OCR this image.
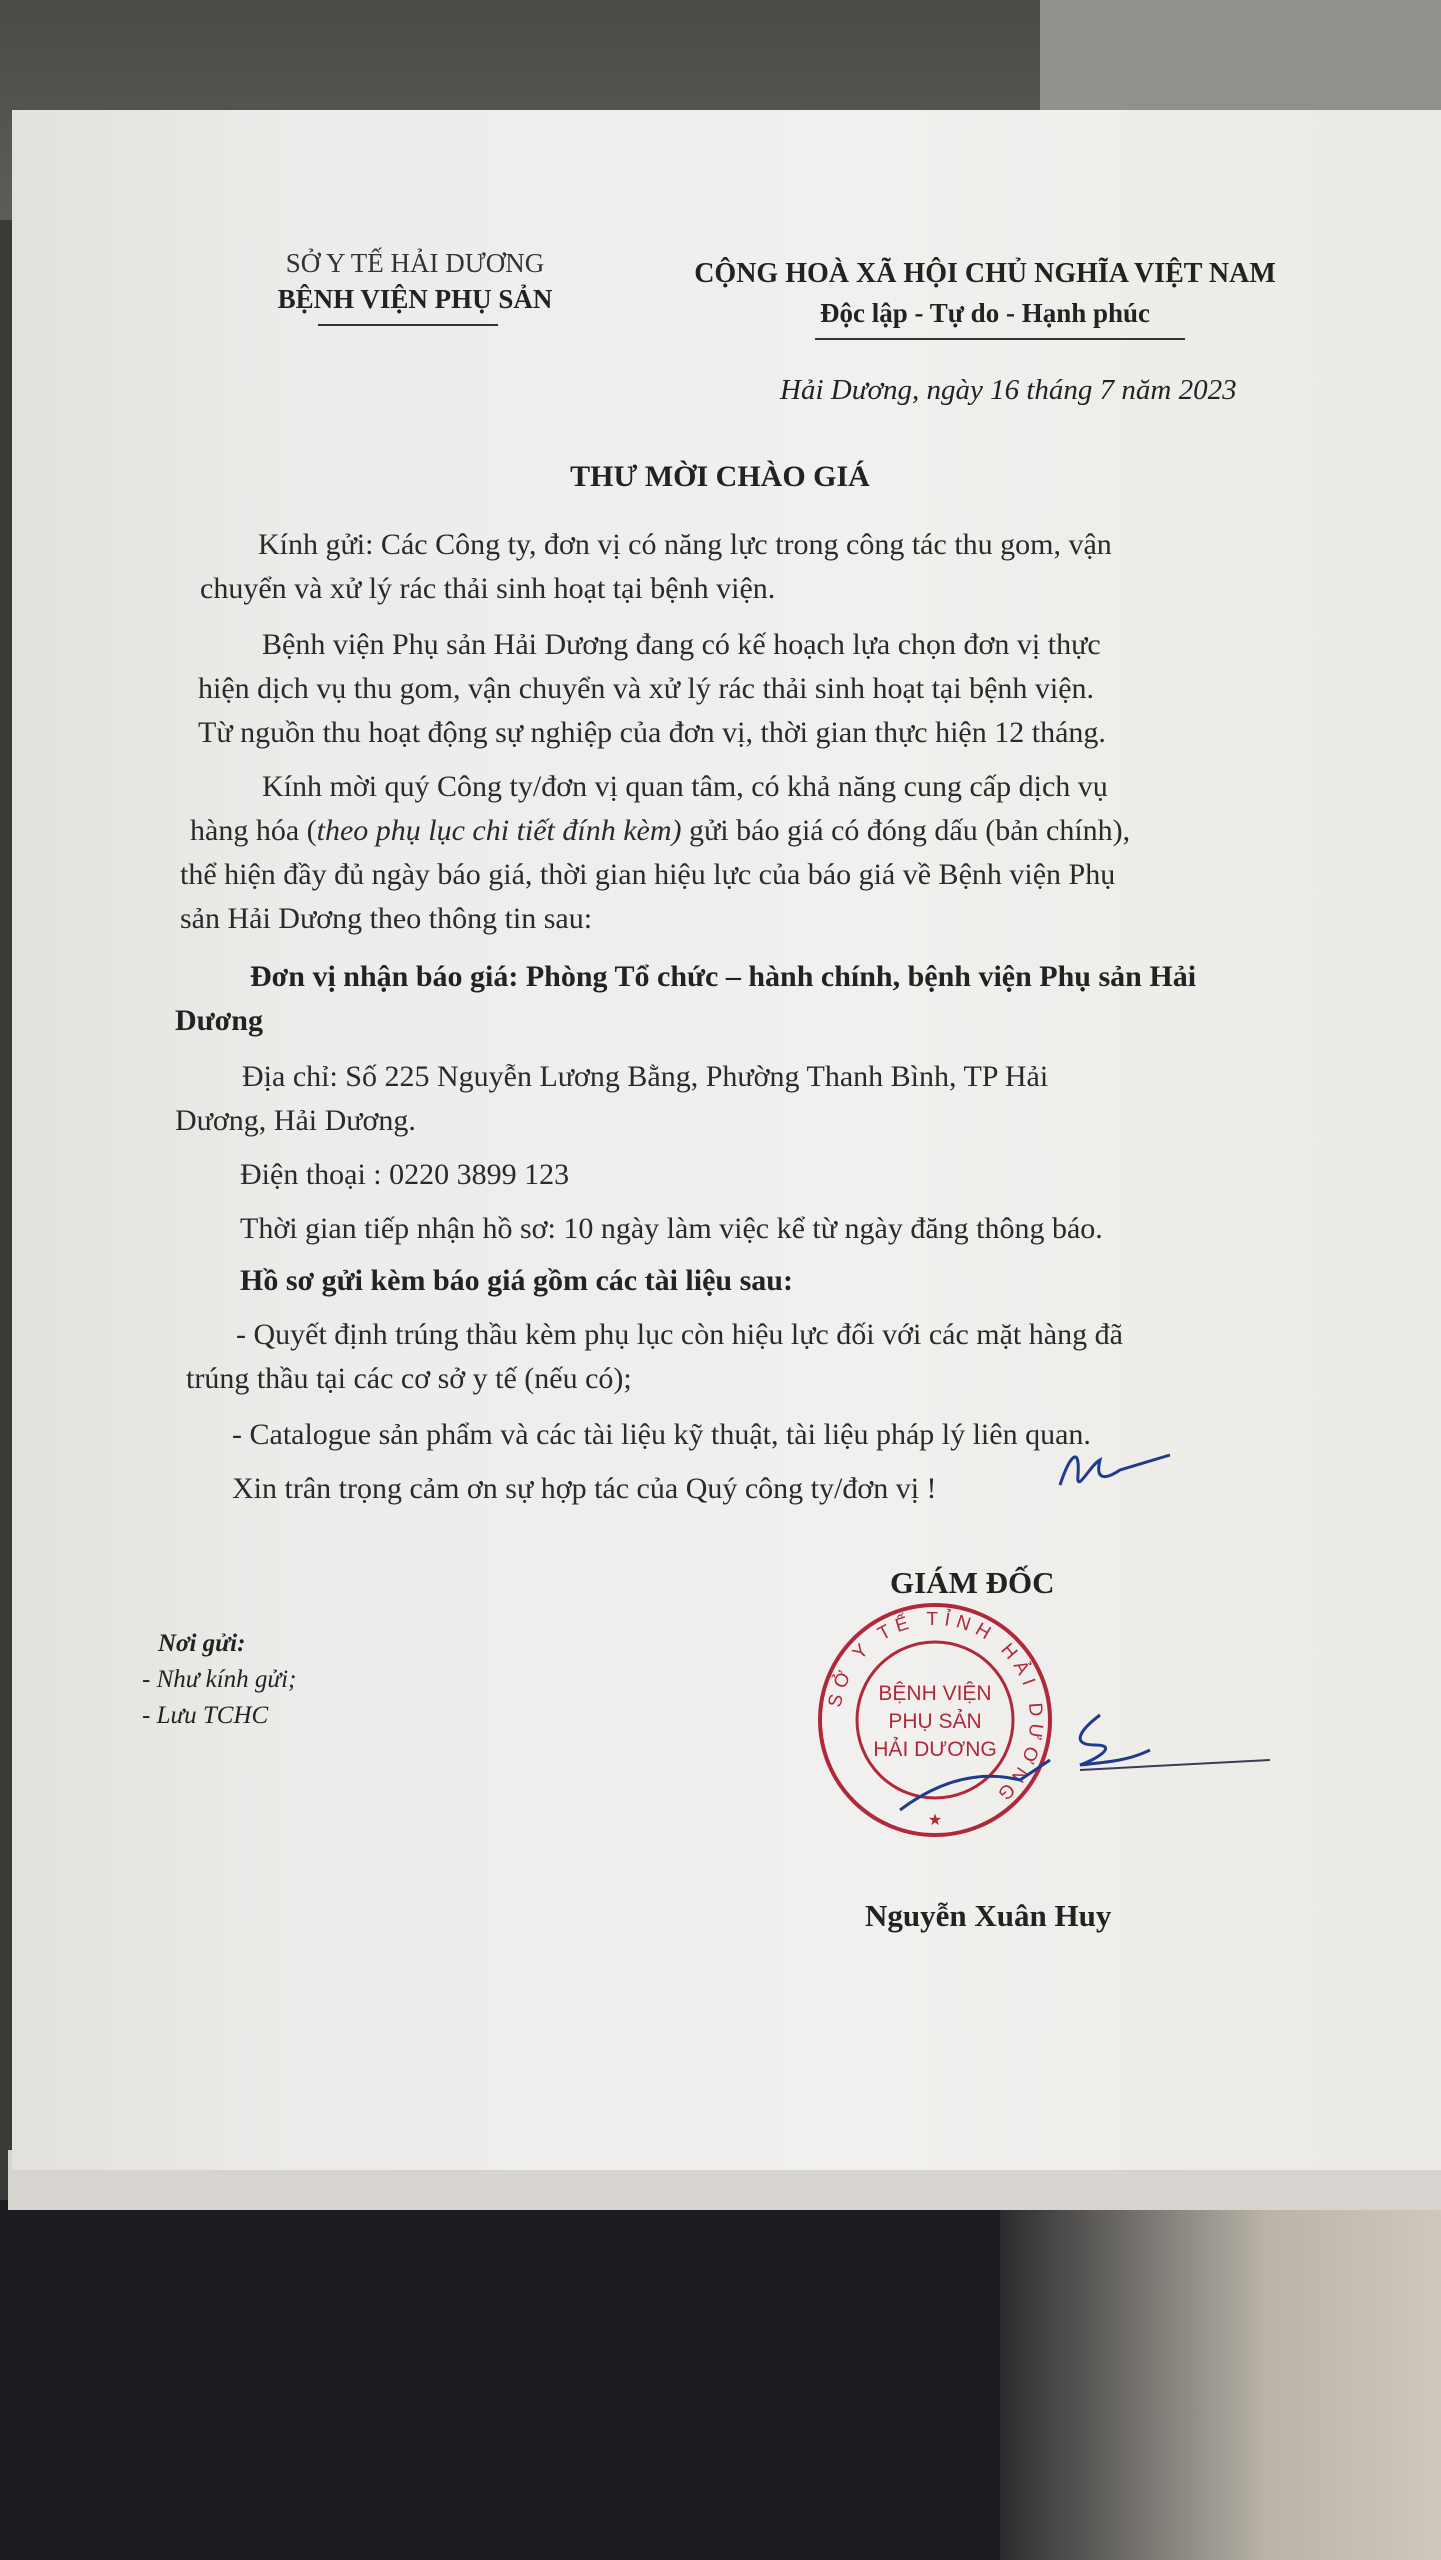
SỞ Y TẾ HẢI DƯƠNG
BỆNH VIỆN PHỤ SẢN
CỘNG HOÀ XÃ HỘI CHỦ NGHĨA VIỆT NAM
Độc lập - Tự do - Hạnh phúc
Hải Dương, ngày 16 tháng 7 năm 2023
THƯ MỜI CHÀO GIÁ
Kính gửi: Các Công ty, đơn vị có năng lực trong công tác thu gom, vận
chuyển và xử lý rác thải sinh hoạt tại bệnh viện.
Bệnh viện Phụ sản Hải Dương đang có kế hoạch lựa chọn đơn vị thực
hiện dịch vụ thu gom, vận chuyển và xử lý rác thải sinh hoạt tại bệnh viện.
Từ nguồn thu hoạt động sự nghiệp của đơn vị, thời gian thực hiện 12 tháng.
Kính mời quý Công ty/đơn vị quan tâm, có khả năng cung cấp dịch vụ
hàng hóa (theo phụ lục chi tiết đính kèm) gửi báo giá có đóng dấu (bản chính),
thể hiện đầy đủ ngày báo giá, thời gian hiệu lực của báo giá về Bệnh viện Phụ
sản Hải Dương theo thông tin sau:
Đơn vị nhận báo giá: Phòng Tổ chức – hành chính, bệnh viện Phụ sản Hải
Dương
Địa chỉ: Số 225 Nguyễn Lương Bằng, Phường Thanh Bình, TP Hải
Dương, Hải Dương.
Điện thoại : 0220 3899 123
Thời gian tiếp nhận hồ sơ: 10 ngày làm việc kể từ ngày đăng thông báo.
Hồ sơ gửi kèm báo giá gồm các tài liệu sau:
- Quyết định trúng thầu kèm phụ lục còn hiệu lực đối với các mặt hàng đã
trúng thầu tại các cơ sở y tế (nếu có);
- Catalogue sản phẩm và các tài liệu kỹ thuật, tài liệu pháp lý liên quan.
Xin trân trọng cảm ơn sự hợp tác của Quý công ty/đơn vị !
GIÁM ĐỐC
Nơi gửi:
- Như kính gửi;
- Lưu TCHC
SỞ Y TẾ TỈNH HẢI DƯƠNG
BỆNH VIỆN
PHỤ SẢN
HẢI DƯƠNG
★
Nguyễn Xuân Huy
